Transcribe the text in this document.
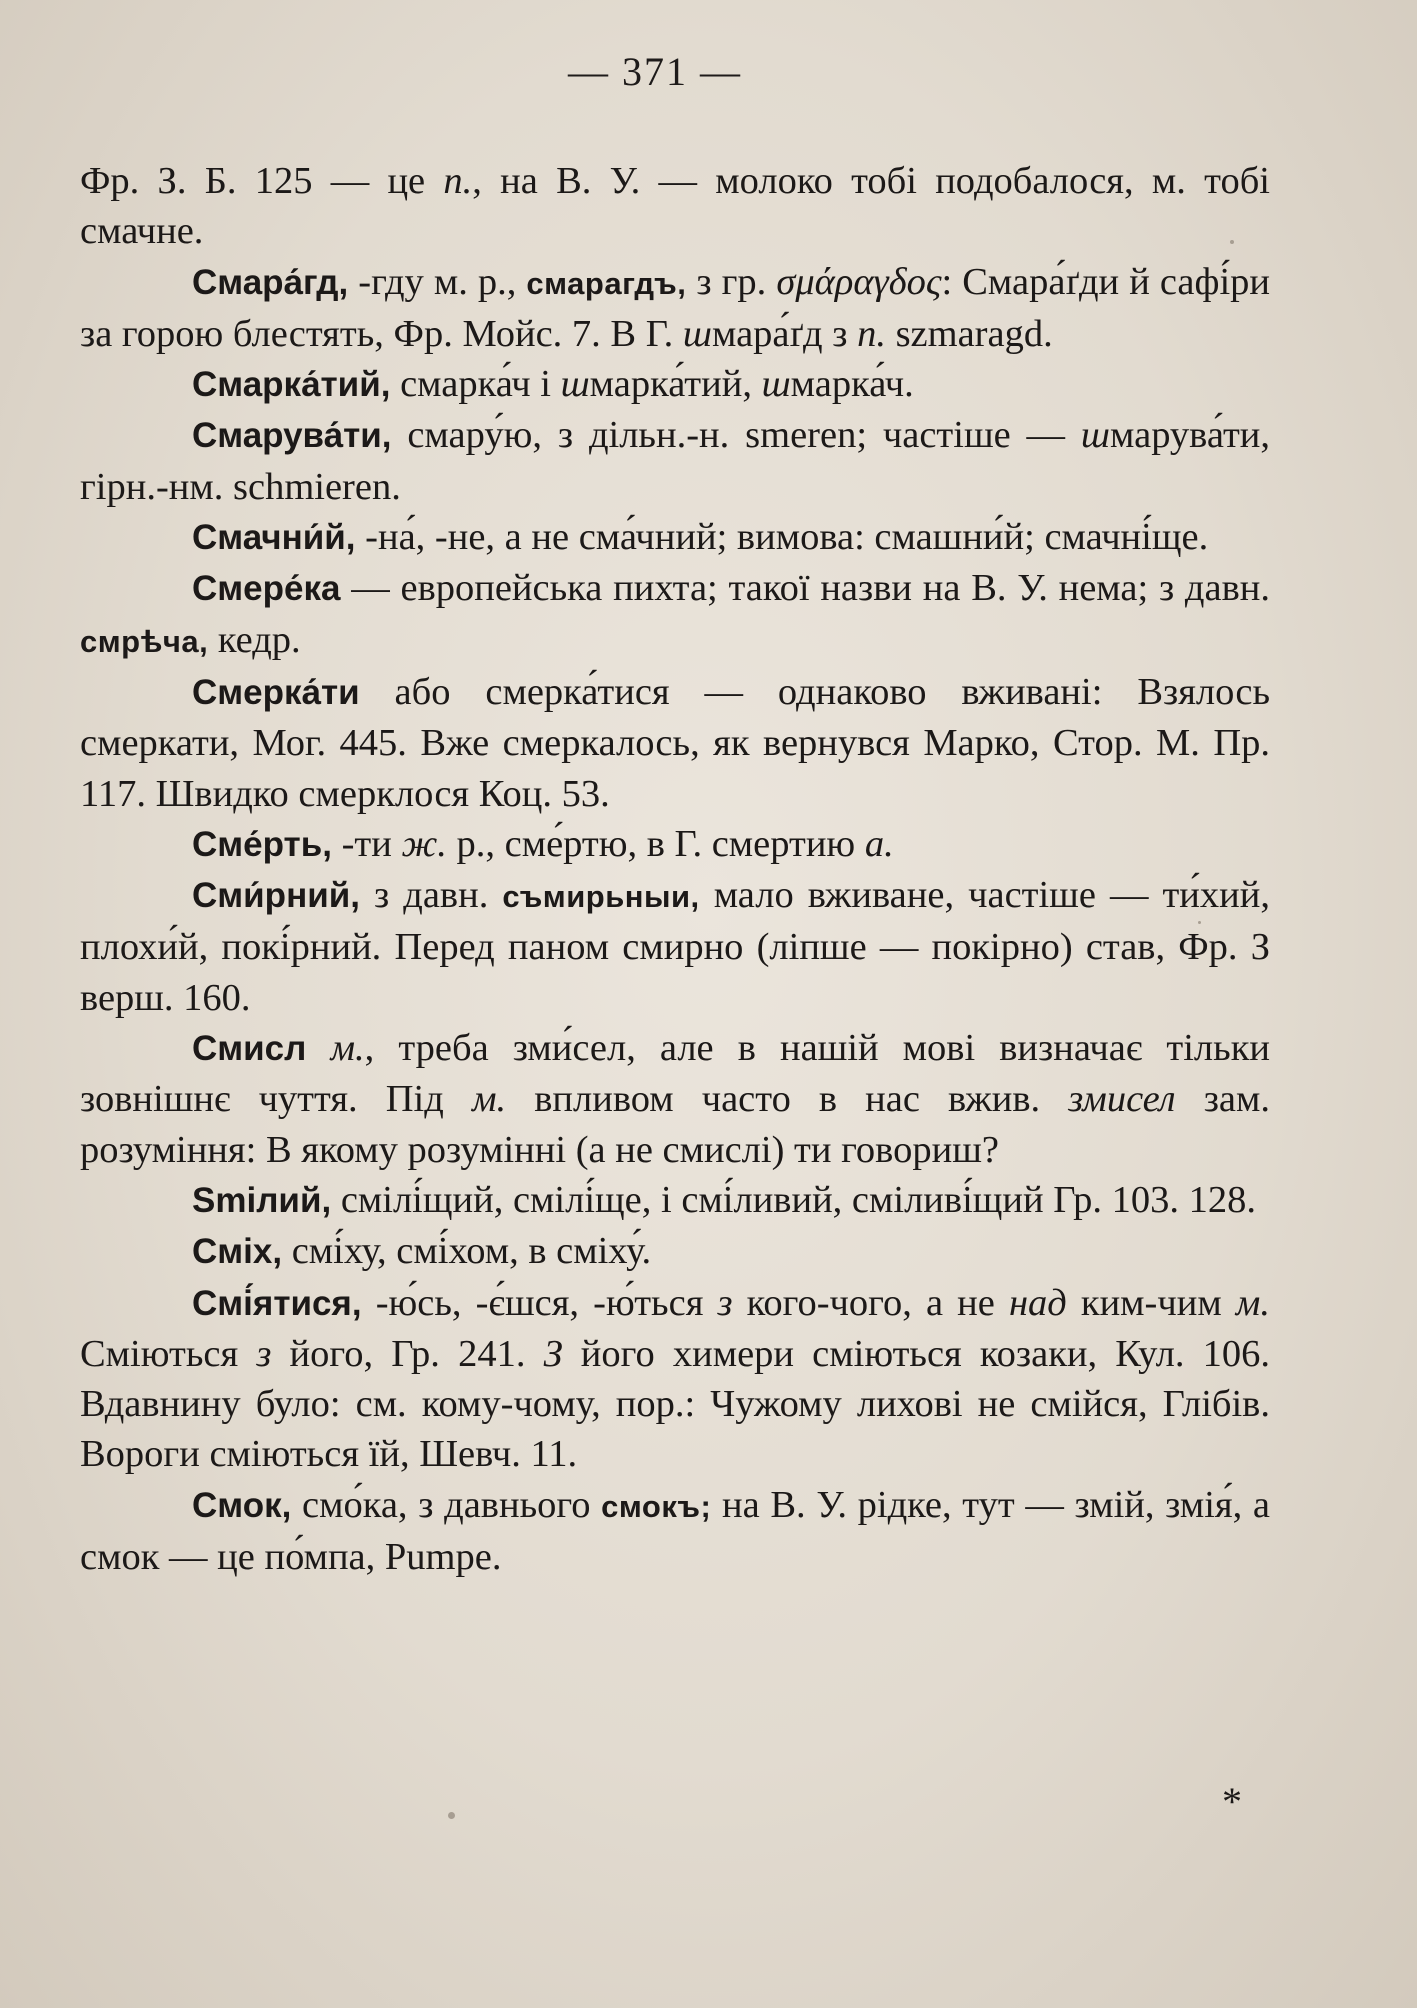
— 371 —

Фр. З. Б. 125 — це п., на В. У. — молоко тобі подобалося, м. тобі смачне.

Смара́гд, -гду м. р., смарагдъ, з гр. σμάραγδος: Смара́ґди й сафі́ри за горою блестять, Фр. Мойс. 7. В Г. шмара́ґд з п. szmaragd.

Смарка́тий, смарка́ч і шмарка́тий, шмарка́ч.

Смарува́ти, смару́ю, з дільн.-н. smeren; частіше — шмарува́ти, гірн.-нм. schmieren.

Смачни́й, -на́, -не, а не сма́чний; вимова: смашни́й; смачні́ще.

Смере́ка — европейська пихта; такої назви на В. У. нема; з давн. смрѣча, кедр.

Смерка́ти або смерка́тися — однаково вживані: Взялось смеркати, Мог. 445. Вже смеркалось, як вернувся Марко, Стор. М. Пр. 117. Швидко смерклося Коц. 53.

Сме́рть, -ти ж. р., сме́ртю, в Г. смертию а.

Сми́рний, з давн. съмирьныи, мало вживане, частіше — ти́хий, плохи́й, покі́рний. Перед паном смирно (ліпше — покірно) став, Фр. З верш. 160.

Смисл м., треба зми́сел, але в нашій мові визначає тільки зовнішнє чуття. Під м. впливом часто в нас вжив. змисел зам. розуміння: В якому розумінні (а не смислі) ти говориш?

Smілий, смілі́щий, смілі́ще, і смі́ливий, сміливі́щий Гр. 103. 128.

Сміх, смі́ху, смі́хом, в сміху́.

Смі́ятися, -ю́сь, -є́шся, -ю́ться з кого-чого, а не над ким-чим м. Сміються з його, Гр. 241. З його химери сміються козаки, Кул. 106. Вдавнину було: см. кому-чому, пор.: Чужому лихові не смійся, Глібів. Вороги сміються їй, Шевч. 11.

Смок, смо́ка, з давнього смокъ; на В. У. рідке, тут — змій, змія́, а смок — це по́мпа, Pumpe.

*
